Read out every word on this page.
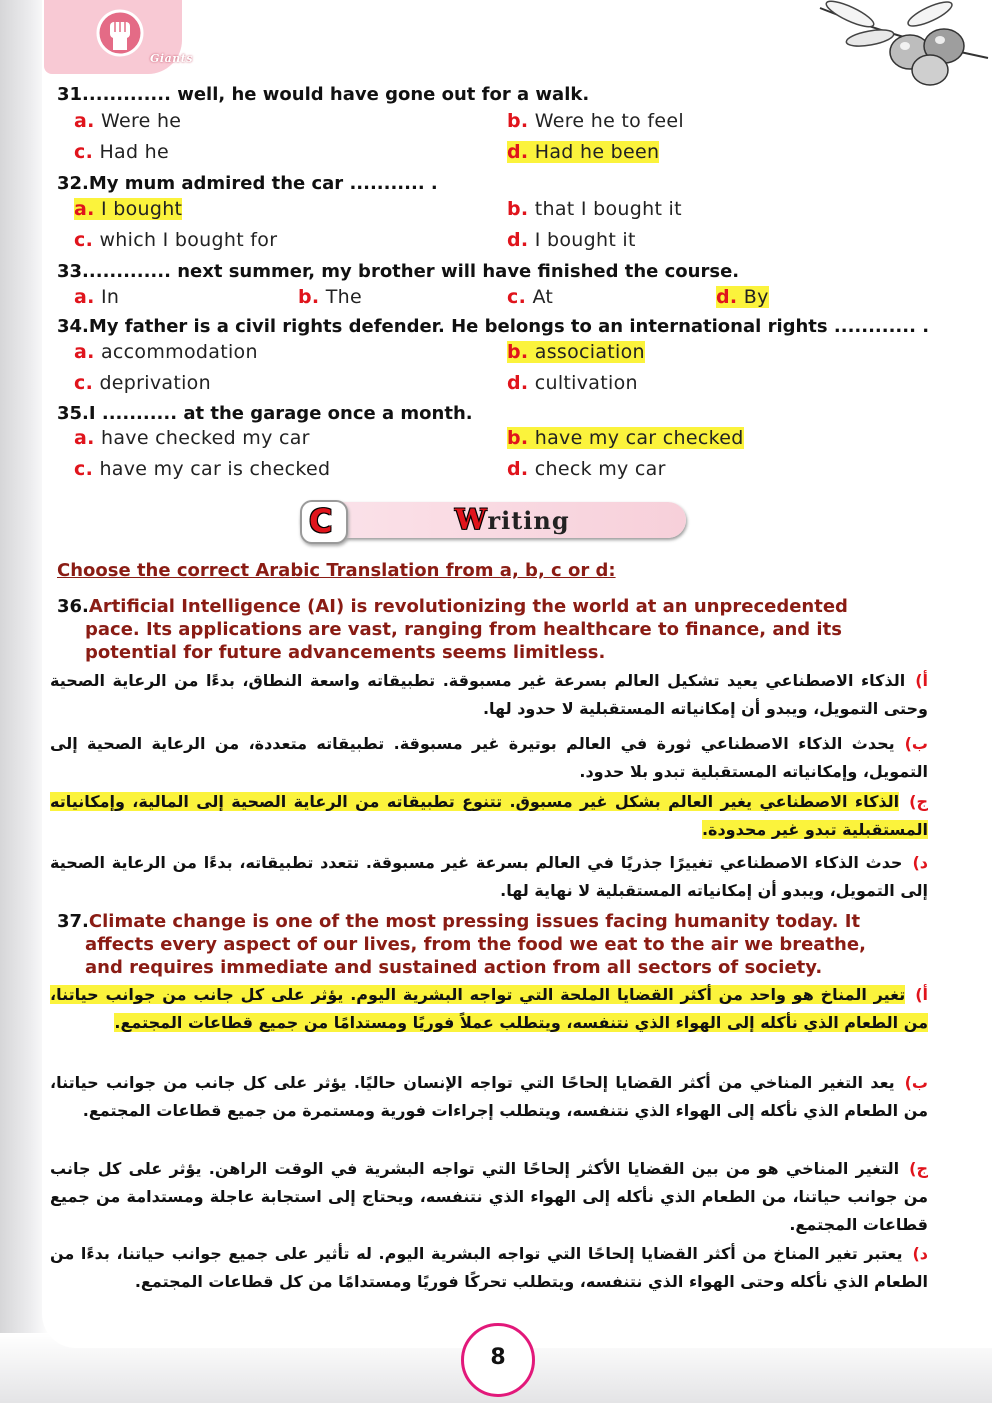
Giants
31............. well, he would have gone out for a walk.
a. Were he	b. Were he to feel
c. Had he	d. Had he been
32.My mum admired the car ........... .
a. I bought	b. that I bought it
c. which I bought for	d. I bought it
33............. next summer, my brother will have finished the course.
a. In	b. The	c. At	d. By
34.My father is a civil rights defender. He belongs to an international rights ............ .
a. accommodation	b. association
c. deprivation	d. cultivation
35.I ........... at the garage once a month.
a. have checked my car	b. have my car checked
c. have my car is checked	d. check my car
C	Writing
Choose the correct Arabic Translation from a, b, c or d:
36.Artificial Intelligence (AI) is revolutionizing the world at an unprecedented pace. Its applications are vast, ranging from healthcare to finance, and its potential for future advancements seems limitless.
أ)الذكاء الاصطناعي يعيد تشكيل العالم بسرعة غير مسبوقة. تطبيقاته واسعة النطاق، بدءًا من الرعاية الصحية وحتى التمويل، ويبدو أن إمكانياته المستقبلية لا حدود لها.
ب)يحدث الذكاء الاصطناعي ثورة في العالم بوتيرة غير مسبوقة. تطبيقاته متعددة، من الرعاية الصحية إلى التمويل، وإمكانياته المستقبلية تبدو بلا حدود.
ج)الذكاء الاصطناعي يغير العالم بشكل غير مسبوق. تتنوع تطبيقاته من الرعاية الصحية إلى المالية، وإمكانياته المستقبلية تبدو غير محدودة.
د)حدث الذكاء الاصطناعي تغييرًا جذريًا في العالم بسرعة غير مسبوقة. تتعدد تطبيقاته، بدءًا من الرعاية الصحية إلى التمويل، ويبدو أن إمكانياته المستقبلية لا نهاية لها.
37.Climate change is one of the most pressing issues facing humanity today. It affects every aspect of our lives, from the food we eat to the air we breathe, and requires immediate and sustained action from all sectors of society.
أ)تغير المناخ هو واحد من أكثر القضايا الملحة التي تواجه البشرية اليوم. يؤثر على كل جانب من جوانب حياتنا، من الطعام الذي نأكله إلى الهواء الذي نتنفسه، ويتطلب عملاً فوريًا ومستدامًا من جميع قطاعات المجتمع.
ب)يعد التغير المناخي من أكثر القضايا إلحاحًا التي تواجه الإنسان حاليًا. يؤثر على كل جانب من جوانب حياتنا، من الطعام الذي نأكله إلى الهواء الذي نتنفسه، ويتطلب إجراءات فورية ومستمرة من جميع قطاعات المجتمع.
ج)التغير المناخي هو من بين القضايا الأكثر إلحاحًا التي تواجه البشرية في الوقت الراهن. يؤثر على كل جانب من جوانب حياتنا، من الطعام الذي نأكله إلى الهواء الذي نتنفسه، ويحتاج إلى استجابة عاجلة ومستدامة من جميع قطاعات المجتمع.
د)يعتبر تغير المناخ من أكثر القضايا إلحاحًا التي تواجه البشرية اليوم. له تأثير على جميع جوانب حياتنا، بدءًا من الطعام الذي نأكله وحتى الهواء الذي نتنفسه، ويتطلب تحركًا فوريًا ومستدامًا من كل قطاعات المجتمع.
8
